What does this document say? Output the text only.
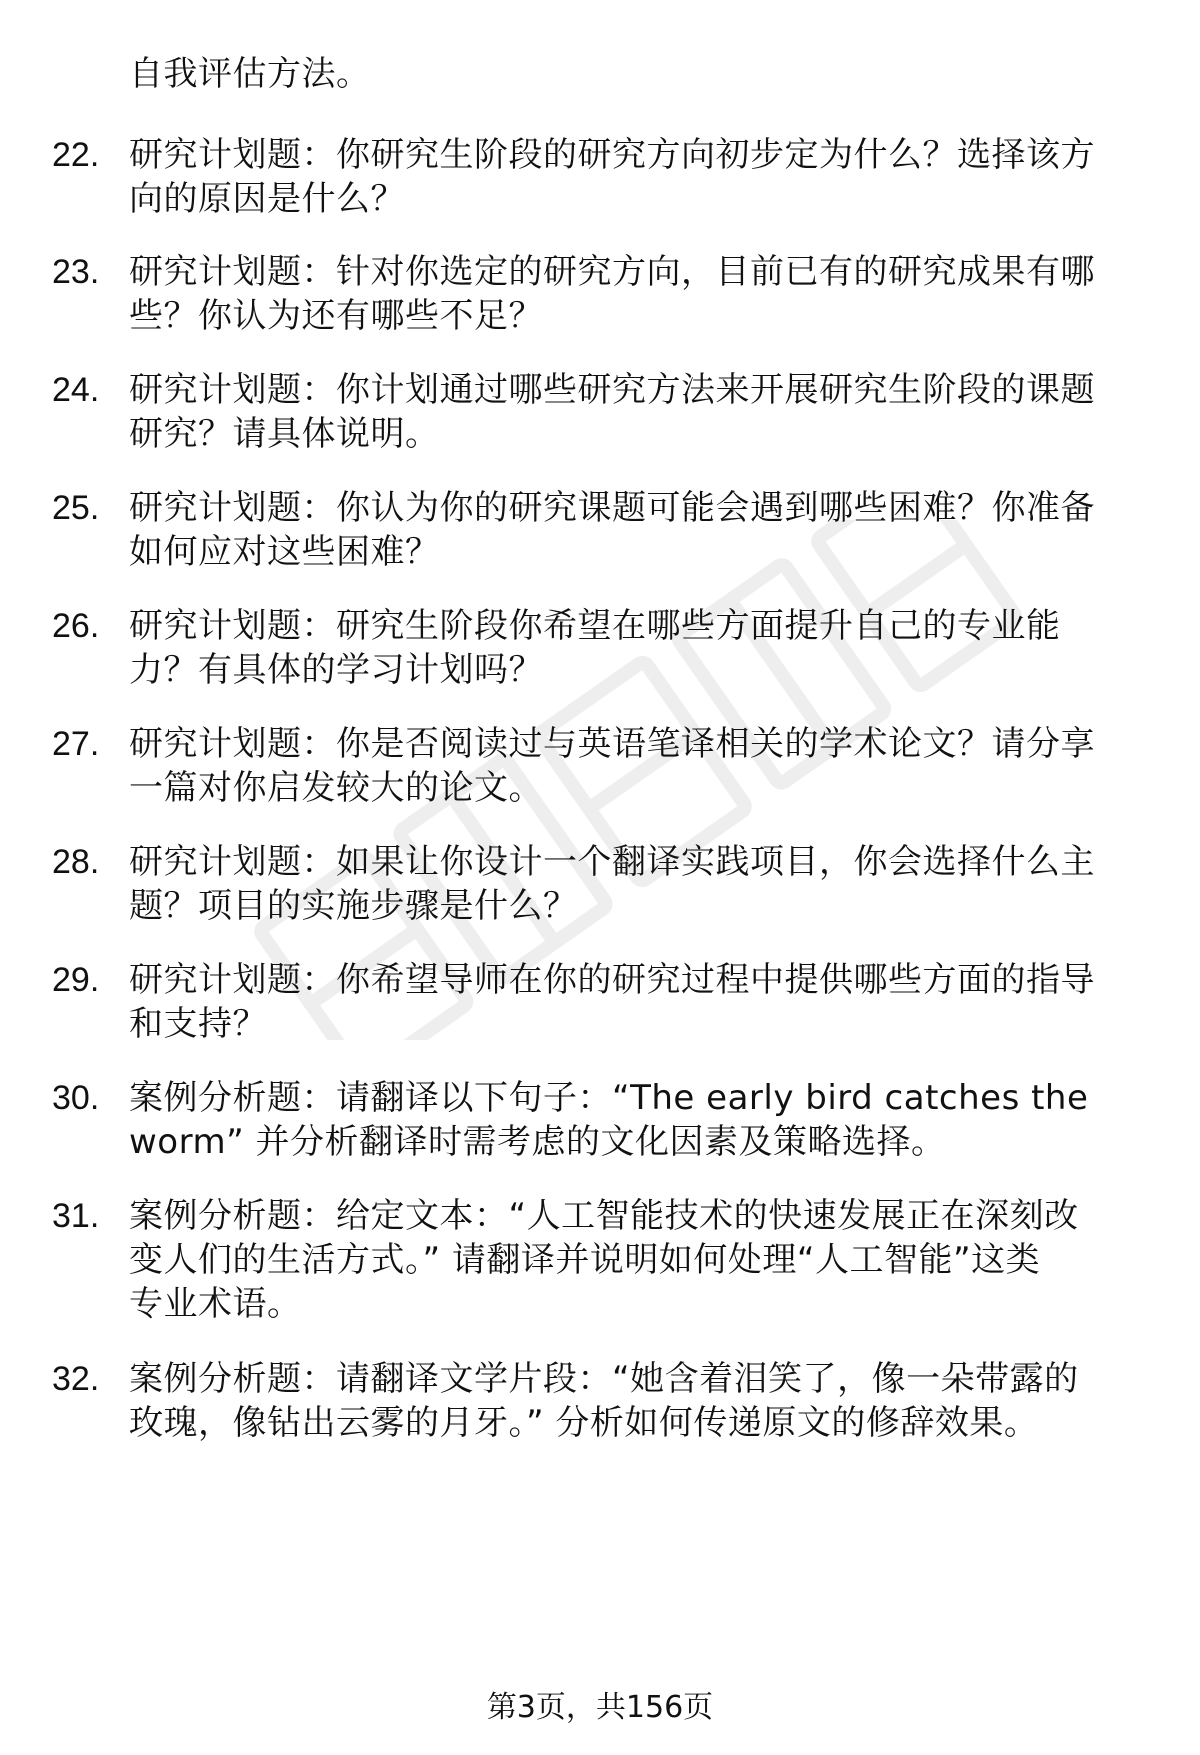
自我评估方法。
22. 研究计划题：你研究生阶段的研究方向初步定为什么？选择该方
向的原因是什么？
23. 研究计划题：针对你选定的研究方向，目前已有的研究成果有哪
些？你认为还有哪些不足？
24. 研究计划题：你计划通过哪些研究方法来开展研究生阶段的课题
研究？请具体说明。
25. 研究计划题：你认为你的研究课题可能会遇到哪些困难？你准备
如何应对这些困难？
26. 研究计划题：研究生阶段你希望在哪些方面提升自己的专业能
力？有具体的学习计划吗？
27. 研究计划题：你是否阅读过与英语笔译相关的学术论文？请分享
一篇对你启发较大的论文。
28. 研究计划题：如果让你设计一个翻译实践项目，你会选择什么主
题？项目的实施步骤是什么？
29. 研究计划题：你希望导师在你的研究过程中提供哪些方面的指导
和支持？
30. 案例分析题：请翻译以下句子：“The early bird catches the
worm” 并分析翻译时需考虑的文化因素及策略选择。
31. 案例分析题：给定文本：“人工智能技术的快速发展正在深刻改
变人们的生活方式。” 请翻译并说明如何处理“人工智能”这类
专业术语。
32. 案例分析题：请翻译文学片段：“她含着泪笑了，像一朵带露的
玫瑰，像钻出云雾的月牙。” 分析如何传递原文的修辞效果。
第3页，共156页
